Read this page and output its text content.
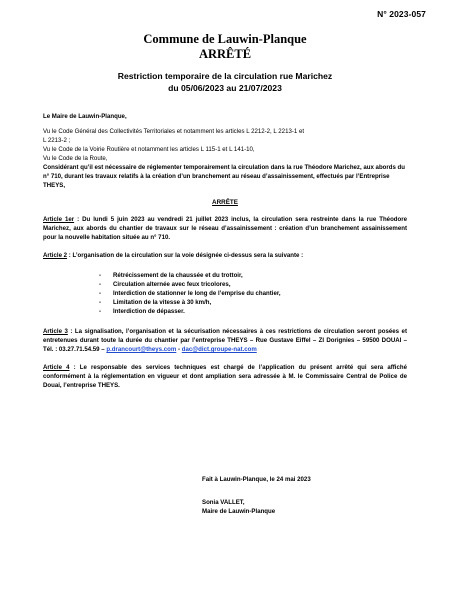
N° 2023-057
Commune de Lauwin-Planque
ARRÊTÉ
Restriction temporaire de la circulation rue Marichez
du 05/06/2023 au 21/07/2023

Le Maire de Lauwin-Planque,

Vu le Code Général des Collectivités Territoriales et notamment les articles L 2212-2, L 2213-1 et

L 2213-2 ;

Vu le Code de la Voirie Routière et notamment les articles L 115-1 et L 141-10,

Vu le Code de la Route,

Considérant qu’il est nécessaire de réglementer temporairement la circulation dans la rue Théodore Marichez, aux abords du n° 710, durant les travaux relatifs à la création d’un branchement au réseau d’assainissement, effectués par l’Entreprise THEYS,

ARRÊTE

Article 1er : Du lundi 5 juin 2023 au vendredi 21 juillet 2023 inclus, la circulation sera restreinte dans la rue Théodore Marichez, aux abords du chantier de travaux sur le réseau d’assainissement : création d’un branchement assainissement pour la nouvelle habitation située au n° 710.

Article 2 : L’organisation de la circulation sur la voie désignée ci-dessus sera la suivante :

- Rétrécissement de la chaussée et du trottoir,
- Circulation alternée avec feux tricolores,
- Interdiction de stationner le long de l’emprise du chantier,
- Limitation de la vitesse à 30 km/h,
- Interdiction de dépasser.

Article 3 : La signalisation, l’organisation et la sécurisation nécessaires à ces restrictions de circulation seront posées et entretenues durant toute la durée du chantier par l’entreprise THEYS – Rue Gustave Eiffel – ZI Dorignies – 59500 DOUAI – Tél. : 03.27.71.54.59 – p.drancourt@theys.com - dac@dict.groupe-nat.com

Article 4 : Le responsable des services techniques est chargé de l’application du présent arrêté qui sera affiché conformément à la réglementation en vigueur et dont ampliation sera adressée à M. le Commissaire Central de Police de Douai, l’entreprise THEYS.

Fait à Lauwin-Planque, le 24 mai 2023
Sonia VALLET,
Maire de Lauwin-Planque
